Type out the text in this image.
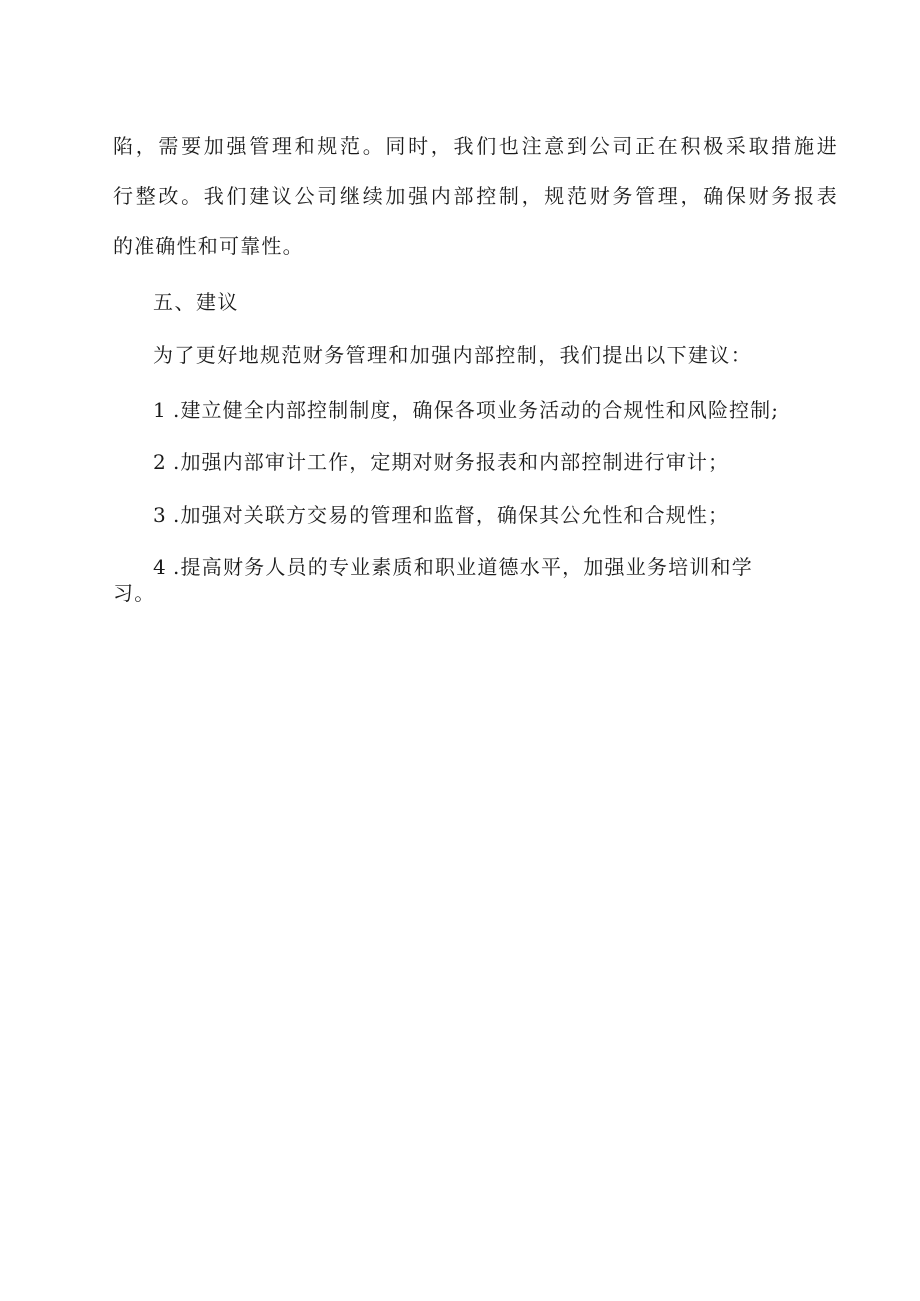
陷，需要加强管理和规范。同时，我们也注意到公司正在积极采取措施进
行整改。我们建议公司继续加强内部控制，规范财务管理，确保财务报表
的准确性和可靠性。
五、建议
为了更好地规范财务管理和加强内部控制，我们提出以下建议：
1 .建立健全内部控制制度，确保各项业务活动的合规性和风险控制;
2 .加强内部审计工作，定期对财务报表和内部控制进行审计；
3 .加强对关联方交易的管理和监督，确保其公允性和合规性；
4 .提高财务人员的专业素质和职业道德水平，加强业务培训和学
习。
